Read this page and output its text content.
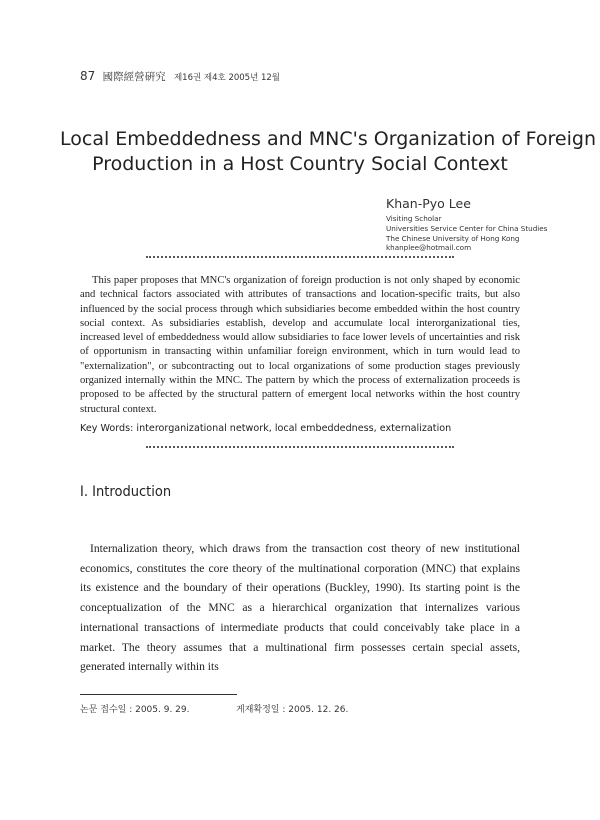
87 國際經營硏究 제16권 제4호 2005년 12월
Local Embeddedness and MNC's Organization of Foreign
Production in a Host Country Social Context
Khan-Pyo Lee
Visiting Scholar
Universities Service Center for China Studies
The Chinese University of Hong Kong
khanplee@hotmail.com

This paper proposes that MNC's organization of foreign production is not only shaped by economic and technical factors associated with attributes of transactions and location-specific traits, but also influenced by the social process through which subsidiaries become embedded within the host country social context. As subsidiaries establish, develop and accumulate local interorganizational ties, increased level of embeddedness would allow subsidiaries to face lower levels of uncertainties and risk of opportunism in transacting within unfamiliar foreign environment, which in turn would lead to "externalization", or subcontracting out to local organizations of some production stages previously organized internally within the MNC. The pattern by which the process of externalization proceeds is proposed to be affected by the structural pattern of emergent local networks within the host country structural context.

Key Words: interorganizational network, local embeddedness, externalization
Ⅰ. Introduction

Internalization theory, which draws from the transaction cost theory of new institutional economics, constitutes the core theory of the multinational corporation (MNC) that explains its existence and the boundary of their operations (Buckley, 1990). Its starting point is the conceptualization of the MNC as a hierarchical organization that internalizes various international transactions of intermediate products that could conceivably take place in a market. The theory assumes that a multinational firm possesses certain special assets, generated internally within its

논문 접수일 : 2005. 9. 29.	게재확정일 : 2005. 12. 26.
